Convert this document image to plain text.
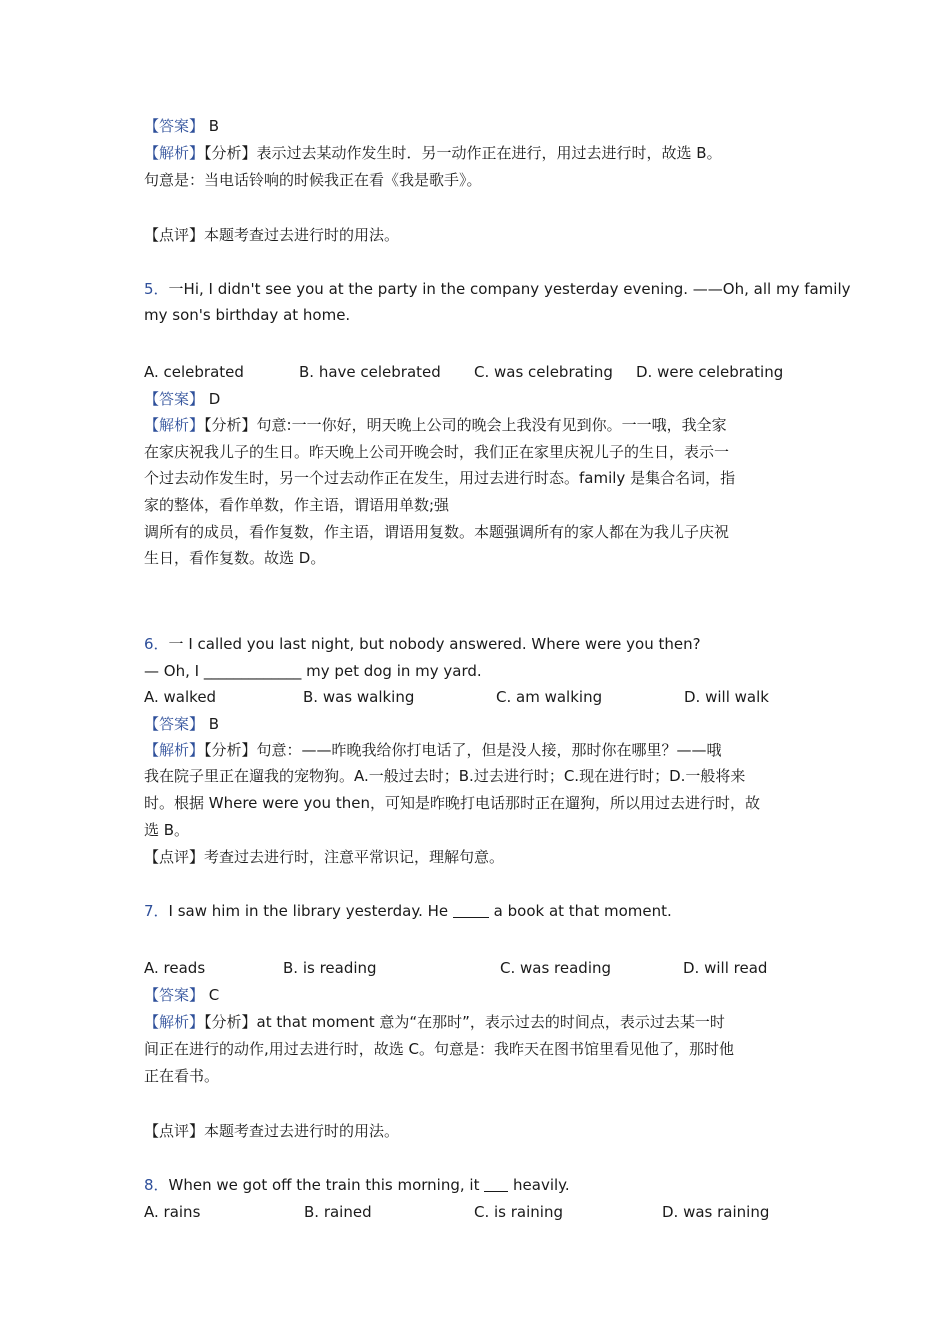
【答案】 B
【解析】【分析】表示过去某动作发生时．另一动作正在进行，用过去进行时，故选 B。
句意是：当电话铃响的时候我正在看《我是歌手》。
【点评】本题考查过去进行时的用法。
5．一Hi, I didn't see you at the party in the company yesterday evening. ——Oh, all my family
my son's birthday at home.
A. celebrated	B. have celebrated C. was celebrating D. were celebrating
【答案】 D
【解析】【分析】句意:一一你好，明天晚上公司的晚会上我没有见到你。一一哦，我全家
在家庆祝我儿子的生日。昨天晚上公司开晚会时，我们正在家里庆祝儿子的生日，表示一
个过去动作发生时，另一个过去动作正在发生，用过去进行时态。family 是集合名词，指
家的整体，看作单数，作主语，谓语用单数;强
调所有的成员，看作复数，作主语，谓语用复数。本题强调所有的家人都在为我儿子庆祝
生日，看作复数。故选 D。
6．一 I called you last night, but nobody answered. Where were you then?
— Oh, I _____________ my pet dog in my yard.
A. walked	B. was walking	C. am walking	D. will walk
【答案】 B
【解析】【分析】句意：——昨晚我给你打电话了，但是没人接，那时你在哪里？——哦
我在院子里正在遛我的宠物狗。A.一般过去时；B.过去进行时；C.现在进行时；D.一般将来
时。根据 Where were you then，可知是昨晚打电话那时正在遛狗，所以用过去进行时，故
选 B。
【点评】考查过去进行时，注意平常识记，理解句意。
7．I saw him in the library yesterday. He  a book at that moment.
A. reads	B. is reading	C. was reading	D. will read
【答案】 C
【解析】【分析】at that moment 意为“在那时”，表示过去的时间点，表示过去某一时
间正在进行的动作,用过去进行时，故选 C。句意是：我昨天在图书馆里看见他了，那时他
正在看书。
【点评】本题考查过去进行时的用法。
8．When we got off the train this morning, it  heavily.
A. rains	B. rained	C. is raining	D. was raining
